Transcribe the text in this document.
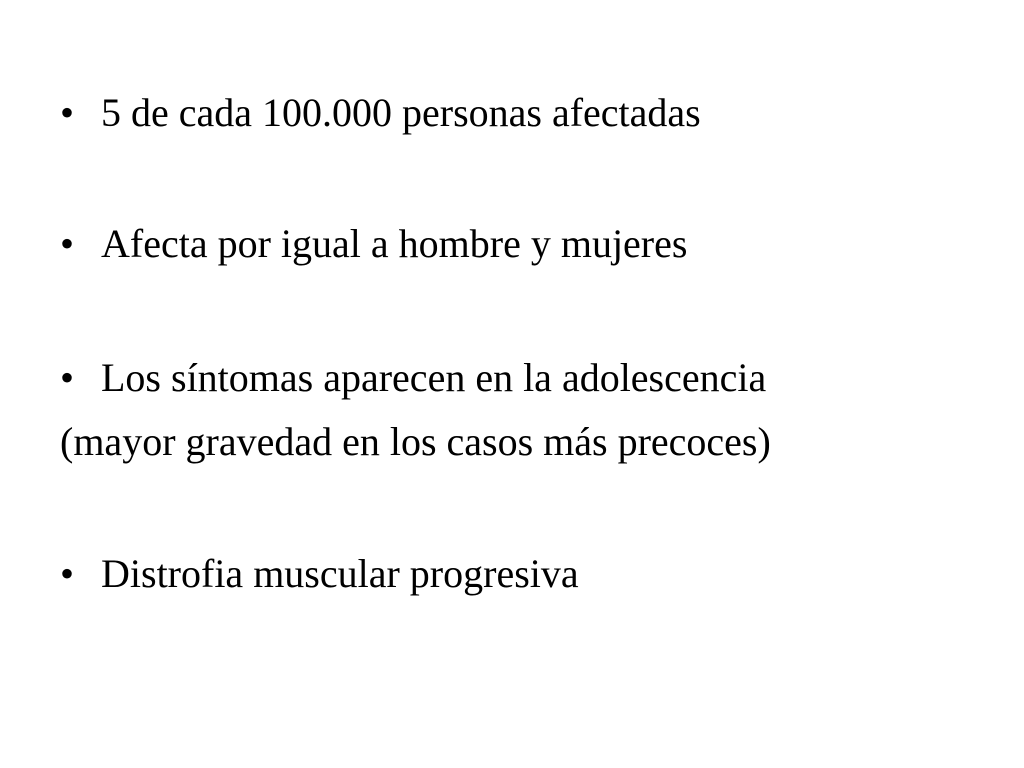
• 5 de cada 100.000 personas afectadas
• Afecta por igual a hombre y mujeres
• Los síntomas aparecen en la adolescencia
(mayor gravedad en los casos más precoces)
• Distrofia muscular progresiva
